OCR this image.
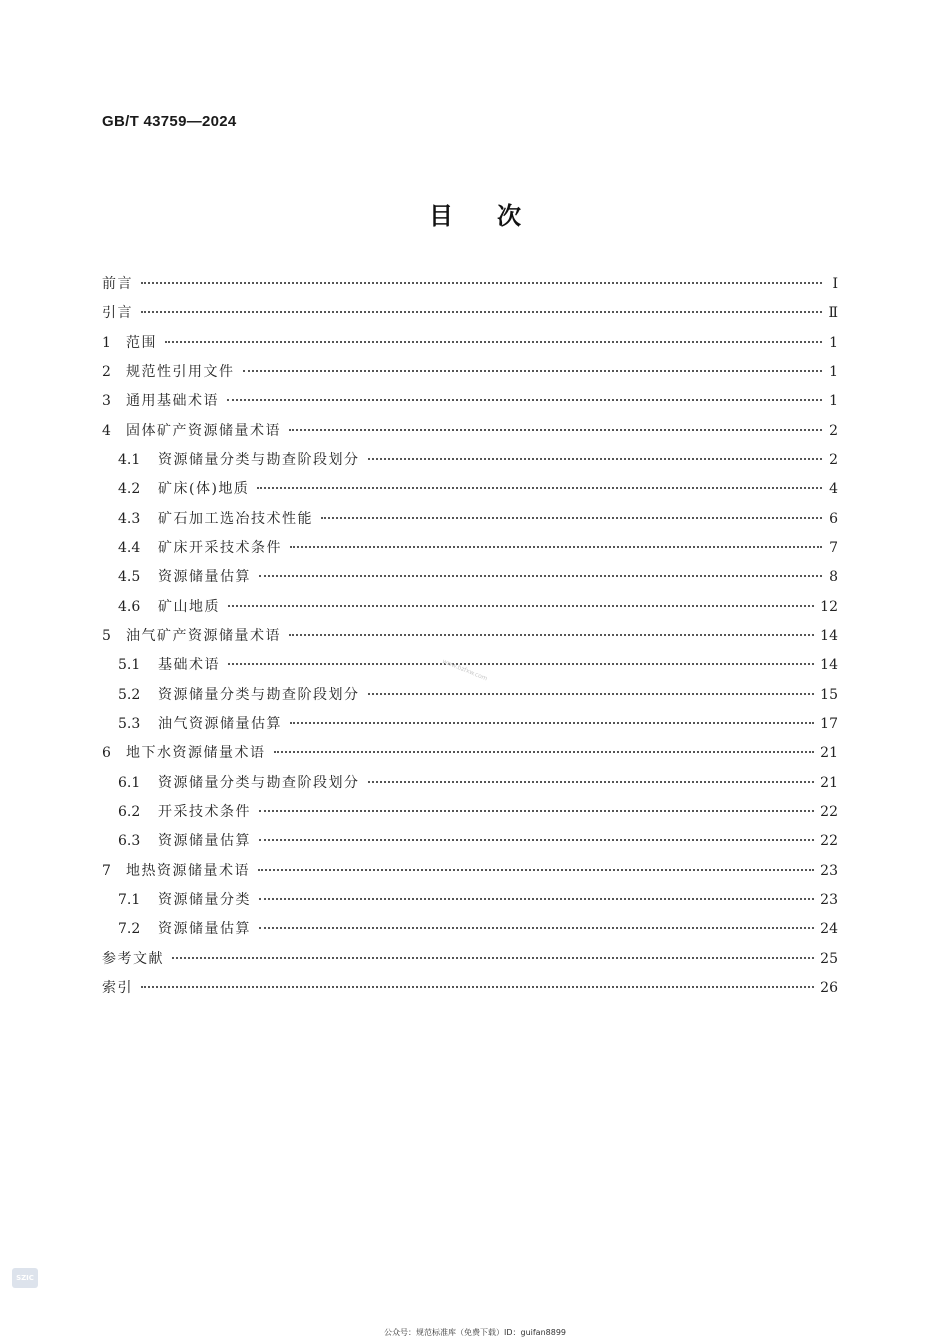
GB/T 43759—2024
目次
前言	Ⅰ
引言	Ⅱ
1	范围	1
2	规范性引用文件	1
3	通用基础术语	1
4	固体矿产资源储量术语	2
4.1	资源储量分类与勘查阶段划分	2
4.2	矿床(体)地质	4
4.3	矿石加工选冶技术性能	6
4.4	矿床开采技术条件	7
4.5	资源储量估算	8
4.6	矿山地质	12
5	油气矿产资源储量术语	14
5.1	基础术语	14
5.2	资源储量分类与勘查阶段划分	15
5.3	油气资源储量估算	17
6	地下水资源储量术语	21
6.1	资源储量分类与勘查阶段划分	21
6.2	开采技术条件	22
6.3	资源储量估算	22
7	地热资源储量术语	23
7.1	资源储量分类	23
7.2	资源储量估算	24
参考文献	25
索引	26
www.bzfxw.com
SZIC
公众号：规范标准库（免费下载）ID：guifan8899
